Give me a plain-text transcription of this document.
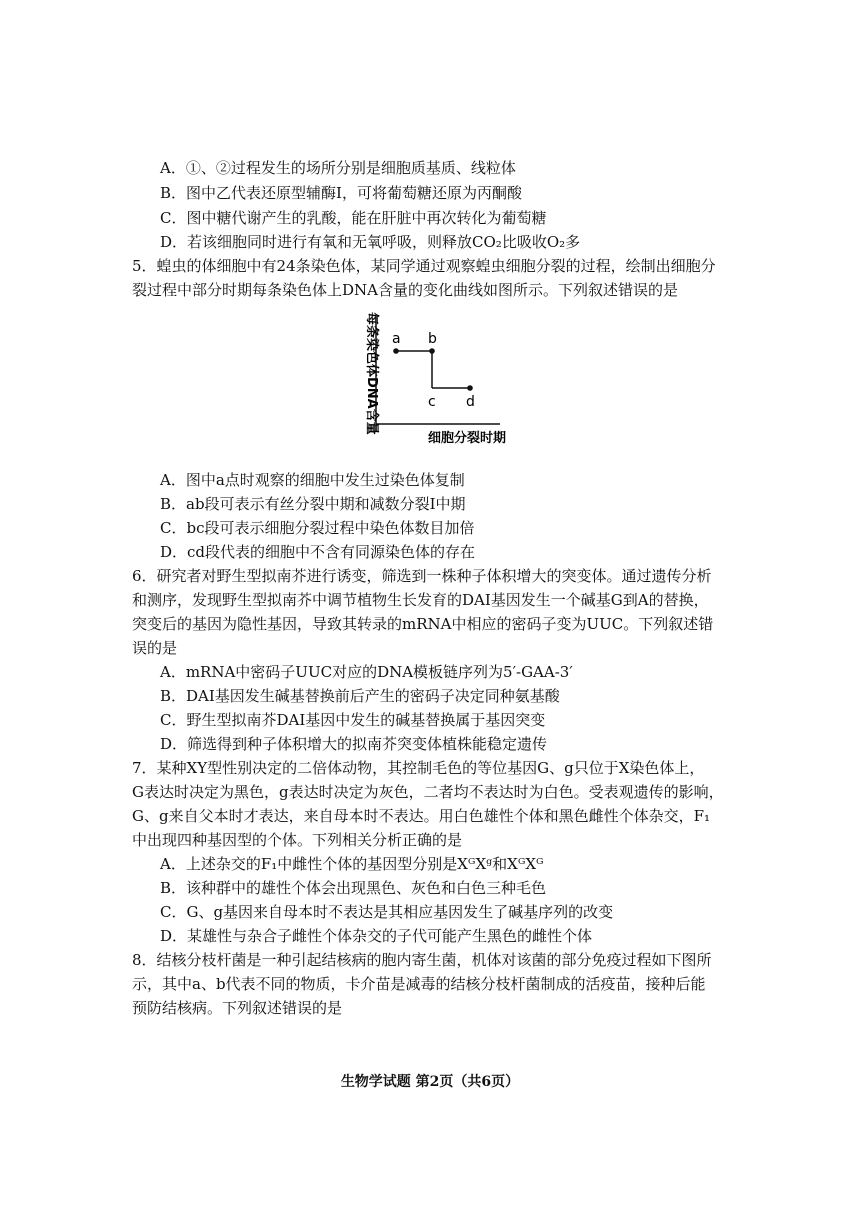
A．①、②过程发生的场所分别是细胞质基质、线粒体
B．图中乙代表还原型辅酶I，可将葡萄糖还原为丙酮酸
C．图中糖代谢产生的乳酸，能在肝脏中再次转化为葡萄糖
D．若该细胞同时进行有氧和无氧呼吸，则释放CO₂比吸收O₂多
5．蝗虫的体细胞中有24条染色体，某同学通过观察蝗虫细胞分裂的过程，绘制出细胞分
裂过程中部分时期每条染色体上DNA含量的变化曲线如图所示。下列叙述错误的是
每条染色体DNA含量 a b
c d
细胞分裂时期
A．图中a点时观察的细胞中发生过染色体复制
B．ab段可表示有丝分裂中期和减数分裂Ⅰ中期
C．bc段可表示细胞分裂过程中染色体数目加倍
D．cd段代表的细胞中不含有同源染色体的存在
6．研究者对野生型拟南芥进行诱变，筛选到一株种子体积增大的突变体。通过遗传分析
和测序，发现野生型拟南芥中调节植物生长发育的DAI基因发生一个碱基G到A的替换，
突变后的基因为隐性基因，导致其转录的mRNA中相应的密码子变为UUC。下列叙述错
误的是
A．mRNA中密码子UUC对应的DNA模板链序列为5′-GAA-3′
B．DAI基因发生碱基替换前后产生的密码子决定同种氨基酸
C．野生型拟南芥DAI基因中发生的碱基替换属于基因突变
D．筛选得到种子体积增大的拟南芥突变体植株能稳定遗传
7．某种XY型性别决定的二倍体动物，其控制毛色的等位基因G、g只位于X染色体上，
G表达时决定为黑色，g表达时决定为灰色，二者均不表达时为白色。受表观遗传的影响，
G、g来自父本时才表达，来自母本时不表达。用白色雄性个体和黑色雌性个体杂交，F₁
中出现四种基因型的个体。下列相关分析正确的是
A．上述杂交的F₁中雌性个体的基因型分别是XᴳXᵍ和XᴳXᴳ
B．该种群中的雄性个体会出现黑色、灰色和白色三种毛色
C．G、g基因来自母本时不表达是其相应基因发生了碱基序列的改变
D．某雄性与杂合子雌性个体杂交的子代可能产生黑色的雌性个体
8．结核分枝杆菌是一种引起结核病的胞内寄生菌，机体对该菌的部分免疫过程如下图所
示，其中a、b代表不同的物质，卡介苗是减毒的结核分枝杆菌制成的活疫苗，接种后能
预防结核病。下列叙述错误的是
生物学试题 第2页（共6页）
